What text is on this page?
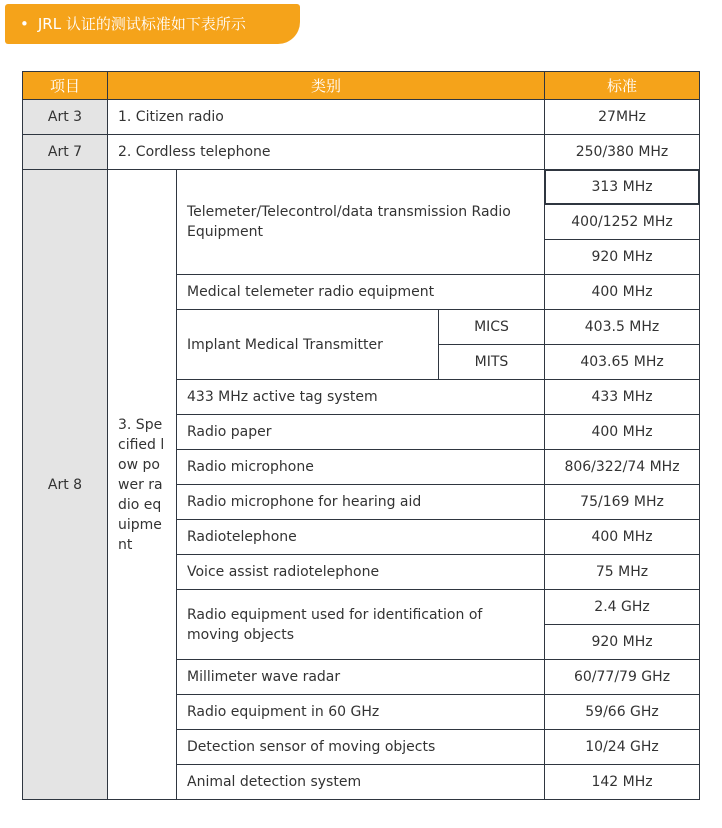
• JRL 认证的测试标准如下表所示
项目	类别			标准
Art 3	1. Citizen radio			27MHz
Art 7	2. Cordless telephone			250/380 MHz
Art 8	3. Specified low power radio equipment	Telemeter/Telecontrol/data transmission Radio Equipment		313 MHz
				400/1252 MHz
				920 MHz
		Medical telemeter radio equipment		400 MHz
		Implant Medical Transmitter	MICS	403.5 MHz
			MITS	403.65 MHz
		433 MHz active tag system		433 MHz
		Radio paper		400 MHz
		Radio microphone		806/322/74 MHz
		Radio microphone for hearing aid		75/169 MHz
		Radiotelephone		400 MHz
		Voice assist radiotelephone		75 MHz
		Radio equipment used for identification of moving objects		2.4 GHz
				920 MHz
		Millimeter wave radar		60/77/79 GHz
		Radio equipment in 60 GHz		59/66 GHz
		Detection sensor of moving objects		10/24 GHz
		Animal detection system		142 MHz
